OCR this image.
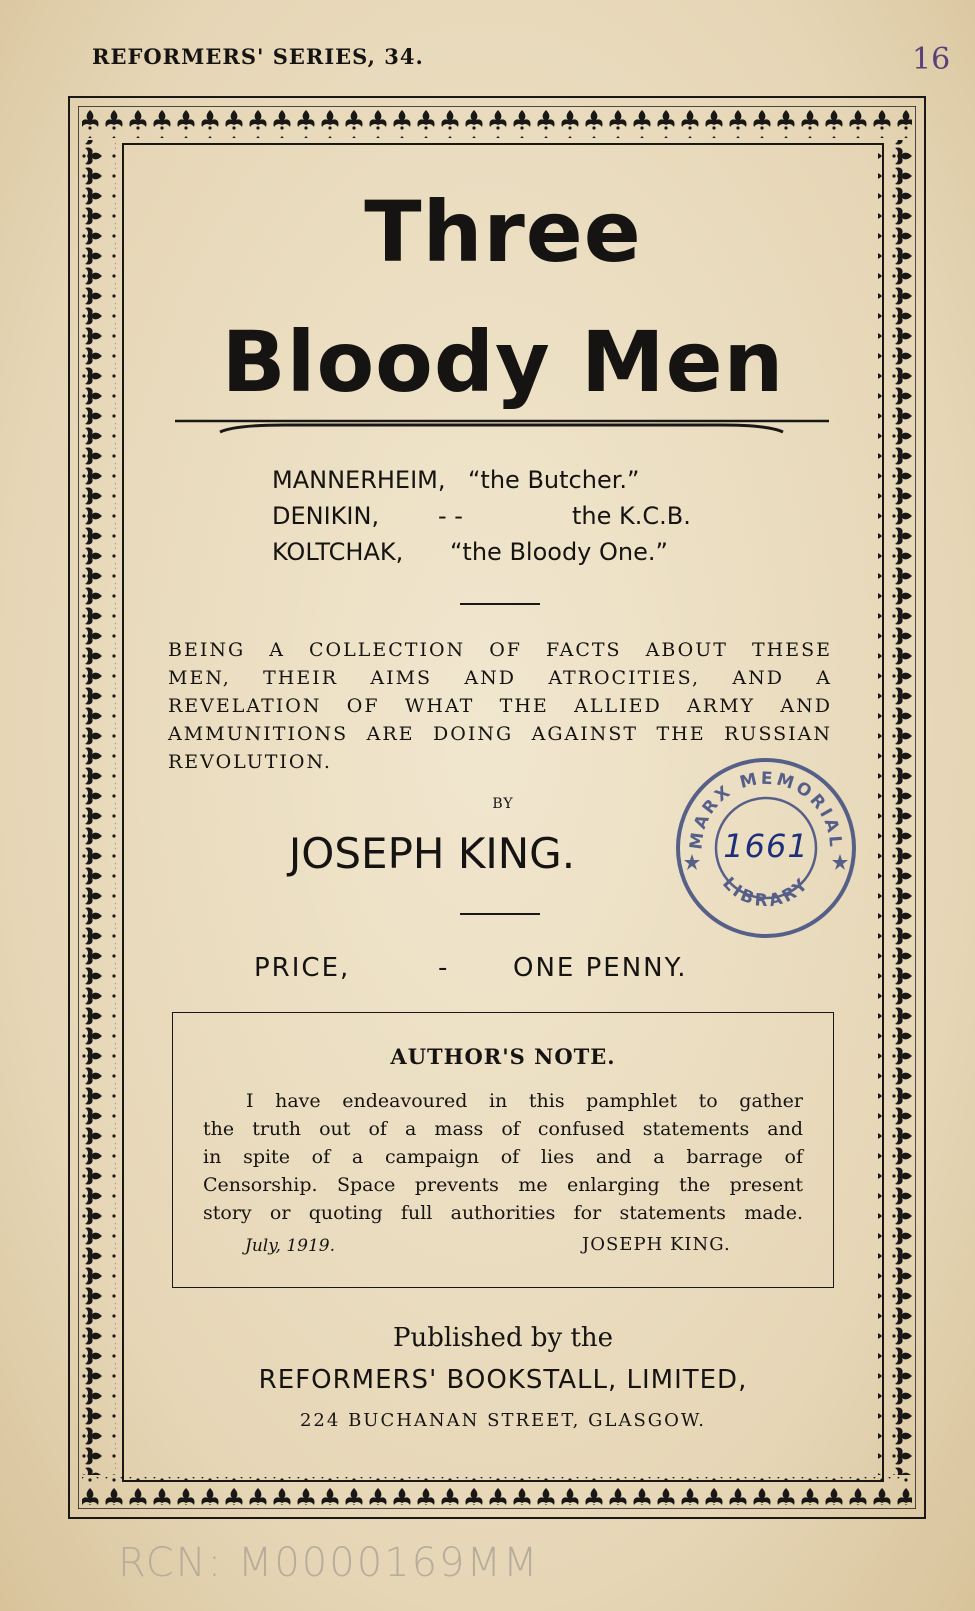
REFORMERS' SERIES, 34.	16
Three
Bloody Men
MANNERHEIM, “the Butcher.”
DENIKIN, - -	the K.C.B.
KOLTCHAK, “the Bloody One.”
BEING A COLLECTION OF FACTS ABOUT THESE
MEN, THEIR AIMS AND ATROCITIES, AND A
REVELATION OF WHAT THE ALLIED ARMY AND
AMMUNITIONS ARE DOING AGAINST THE RUSSIAN
REVOLUTION.
BY
JOSEPH KING.
PRICE,	-	ONE PENNY.
AUTHOR'S NOTE.
I have endeavoured in this pamphlet to gather
the truth out of a mass of confused statements and
in spite of a campaign of lies and a barrage of
Censorship. Space prevents me enlarging the present
story or quoting full authorities for statements made.
July, 1919.	JOSEPH KING.
Published by the
REFORMERS' BOOKSTALL, LIMITED,
224 BUCHANAN STREET, GLASGOW.
MARX MEMORIAL
LIBRARY
1661
RCN: M0000169MM
